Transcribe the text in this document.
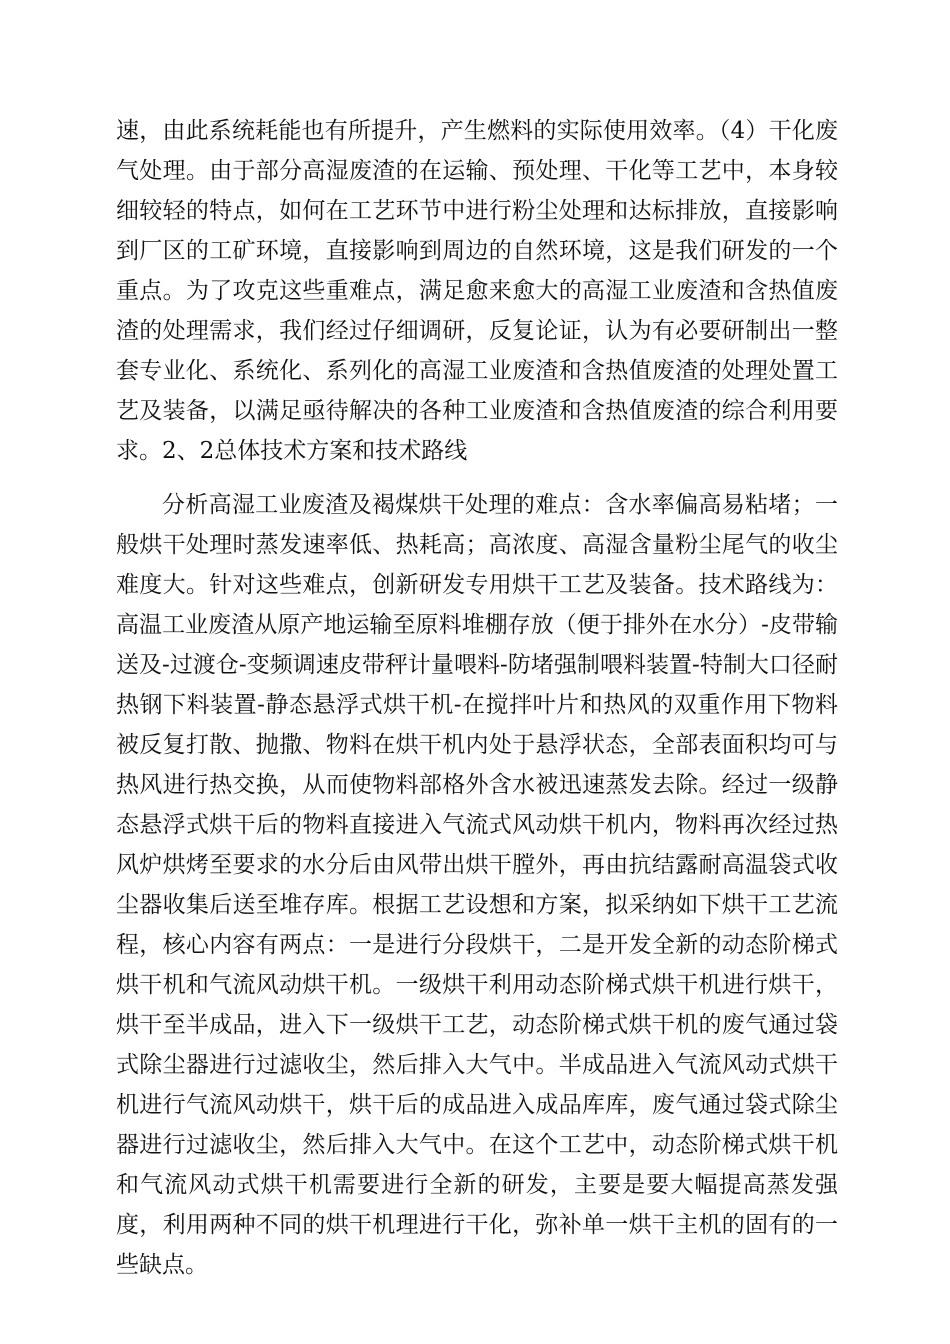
速，由此系统耗能也有所提升，产生燃料的实际使用效率。（4）干化废气处理。由于部分高湿废渣的在运输、预处理、干化等工艺中，本身较细较轻的特点，如何在工艺环节中进行粉尘处理和达标排放，直接影响到厂区的工矿环境，直接影响到周边的自然环境，这是我们研发的一个重点。为了攻克这些重难点，满足愈来愈大的高湿工业废渣和含热值废渣的处理需求，我们经过仔细调研，反复论证，认为有必要研制出一整套专业化、系统化、系列化的高湿工业废渣和含热值废渣的处理处置工艺及装备，以满足亟待解决的各种工业废渣和含热值废渣的综合利用要求。 2、2总体技术方案和技术路线

分析高湿工业废渣及褐煤烘干处理的难点：含水率偏高易粘堵；一般烘干处理时蒸发速率低、热耗高；高浓度、高湿含量粉尘尾气的收尘难度大。针对这些难点，创新研发专用烘干工艺及装备。技术路线为：高温工业废渣从原产地运输至原料堆棚存放（便于排外在水分）-皮带输送及-过渡仓-变频调速皮带秤计量喂料-防堵强制喂料装置-特制大口径耐热钢下料装置-静态悬浮式烘干机-在搅拌叶片和热风的双重作用下物料被反复打散、抛撒、物料在烘干机内处于悬浮状态，全部表面积均可与热风进行热交换，从而使物料部格外含水被迅速蒸发去除。经过一级静态悬浮式烘干后的物料直接进入气流式风动烘干机内，物料再次经过热风炉烘烤至要求的水分后由风带出烘干膛外，再由抗结露耐高温袋式收尘器收集后送至堆存库。根据工艺设想和方案，拟采纳如下烘干工艺流程，核心内容有两点：一是进行分段烘干，二是开发全新的动态阶梯式烘干机和气流风动烘干机。一级烘干利用动态阶梯式烘干机进行烘干，烘干至半成品，进入下一级烘干工艺，动态阶梯式烘干机的废气通过袋式除尘器进行过滤收尘，然后排入大气中。半成品进入气流风动式烘干机进行气流风动烘干，烘干后的成品进入成品库库，废气通过袋式除尘器进行过滤收尘，然后排入大气中。在这个工艺中，动态阶梯式烘干机和气流风动式烘干机需要进行全新的研发，主要是要大幅提高蒸发强度，利用两种不同的烘干机理进行干化，弥补单一烘干主机的固有的一些缺点。
